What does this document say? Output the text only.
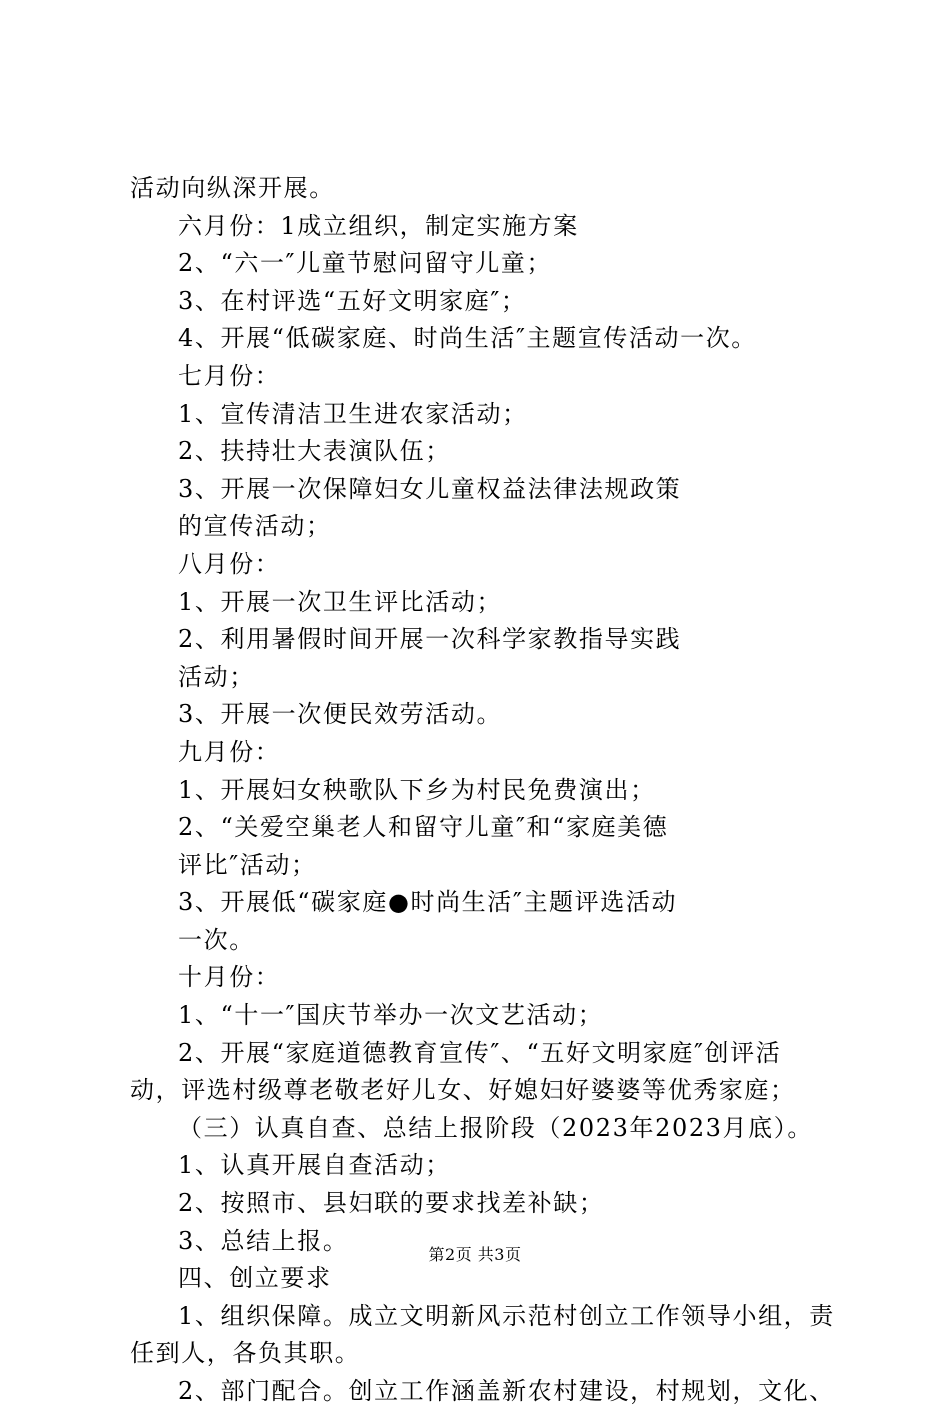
活动向纵深开展。
六月份：1成立组织，制定实施方案
2、“六一″儿童节慰问留守儿童；
3、在村评选“五好文明家庭″；
4、开展“低碳家庭、时尚生活″主题宣传活动一次。
七月份：
1、宣传清洁卫生进农家活动；
2、扶持壮大表演队伍；
3、开展一次保障妇女儿童权益法律法规政策
的宣传活动；
八月份：
1、开展一次卫生评比活动；
2、利用暑假时间开展一次科学家教指导实践
活动；
3、开展一次便民效劳活动。
九月份：
1、开展妇女秧歌队下乡为村民免费演出；
2、“关爱空巢老人和留守儿童″和“家庭美德
评比″活动；
3、开展低“碳家庭●时尚生活″主题评选活动
一次。
十月份：
1、“十一″国庆节举办一次文艺活动；
2、开展“家庭道德教育宣传″、“五好文明家庭″创评活
动，评选村级尊老敬老好儿女、好媳妇好婆婆等优秀家庭；
（三）认真自查、总结上报阶段（2023年2023月底）。
1、认真开展自查活动；
2、按照市、县妇联的要求找差补缺；
3、总结上报。
四、创立要求
1、组织保障。成立文明新风示范村创立工作领导小组，责
任到人，各负其职。
2、部门配合。创立工作涵盖新农村建设，村规划，文化、
第2页 共3页
